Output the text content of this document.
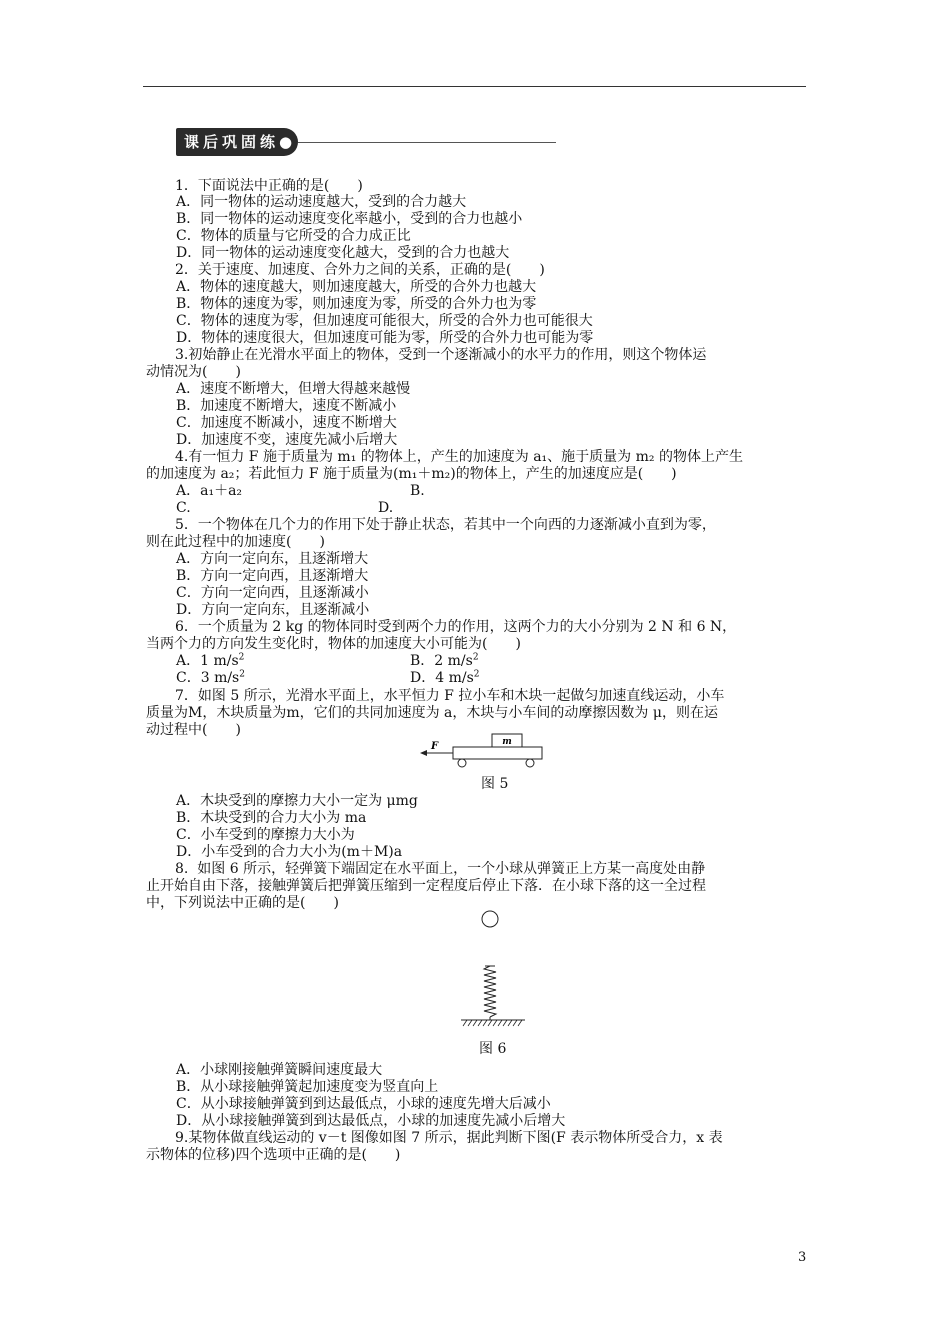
课后巩固练●
1．下面说法中正确的是(　　)
A．同一物体的运动速度越大，受到的合力越大
B．同一物体的运动速度变化率越小，受到的合力也越小
C．物体的质量与它所受的合力成正比
D．同一物体的运动速度变化越大，受到的合力也越大
2．关于速度、加速度、合外力之间的关系，正确的是(　　)
A．物体的速度越大，则加速度越大，所受的合外力也越大
B．物体的速度为零，则加速度为零，所受的合外力也为零
C．物体的速度为零，但加速度可能很大，所受的合外力也可能很大
D．物体的速度很大，但加速度可能为零，所受的合外力也可能为零
3.初始静止在光滑水平面上的物体，受到一个逐渐减小的水平力的作用，则这个物体运
动情况为(　　)
A．速度不断增大，但增大得越来越慢
B．加速度不断增大，速度不断减小
C．加速度不断减小，速度不断增大
D．加速度不变，速度先减小后增大
5．一个物体在几个力的作用下处于静止状态，若其中一个向西的力逐渐减小直到为零，
则在此过程中的加速度(　　)
A．方向一定向东，且逐渐增大
B．方向一定向西，且逐渐增大
C．方向一定向西，且逐渐减小
D．方向一定向东，且逐渐减小
6．一个质量为 2 kg 的物体同时受到两个力的作用，这两个力的大小分别为 2 N 和 6 N，
当两个力的方向发生变化时，物体的加速度大小可能为(　　)
质量为M，木块质量为m，它们的共同加速度为 a，木块与小车间的动摩擦因数为 μ，则在运
动过程中(　　)
A．木块受到的摩擦力大小一定为 μmg
B．木块受到的合力大小为 ma
C．小车受到的摩擦力大小为
D．小车受到的合力大小为(m＋M)a
8.  如图 6 所示，轻弹簧下端固定在水平面上，一个小球从弹簧正上方某一高度处由静
止开始自由下落，接触弹簧后把弹簧压缩到一定程度后停止下落．在小球下落的这一全过程
中，下列说法中正确的是(　　)
A．小球刚接触弹簧瞬间速度最大
B．从小球接触弹簧起加速度变为竖直向上
C．从小球接触弹簧到到达最低点，小球的速度先增大后减小
D．从小球接触弹簧到到达最低点，小球的加速度先减小后增大
9.某物体做直线运动的 v－t 图像如图 7 所示，据此判断下图(F 表示物体所受合力，x 表
示物体的位移)四个选项中正确的是(　　)
4.有一恒力 F 施于质量为 m₁ 的物体上，产生的加速度为 a₁、施于质量为 m₂ 的物体上产生
的加速度为 a₂；若此恒力 F 施于质量为(m₁＋m₂)的物体上，产生的加速度应是(　　)
A．a₁＋a₂	B.
C.	D.
A．1 $m/s^2$	B．2 $m/s^2$
C．3 $m/s^2$	D．4 $m/s^2$
7．如图 5 所示，光滑水平面上，水平恒力 F 拉小车和木块一起做匀加速直线运动，小车
m
F
图 5
图 6
3
